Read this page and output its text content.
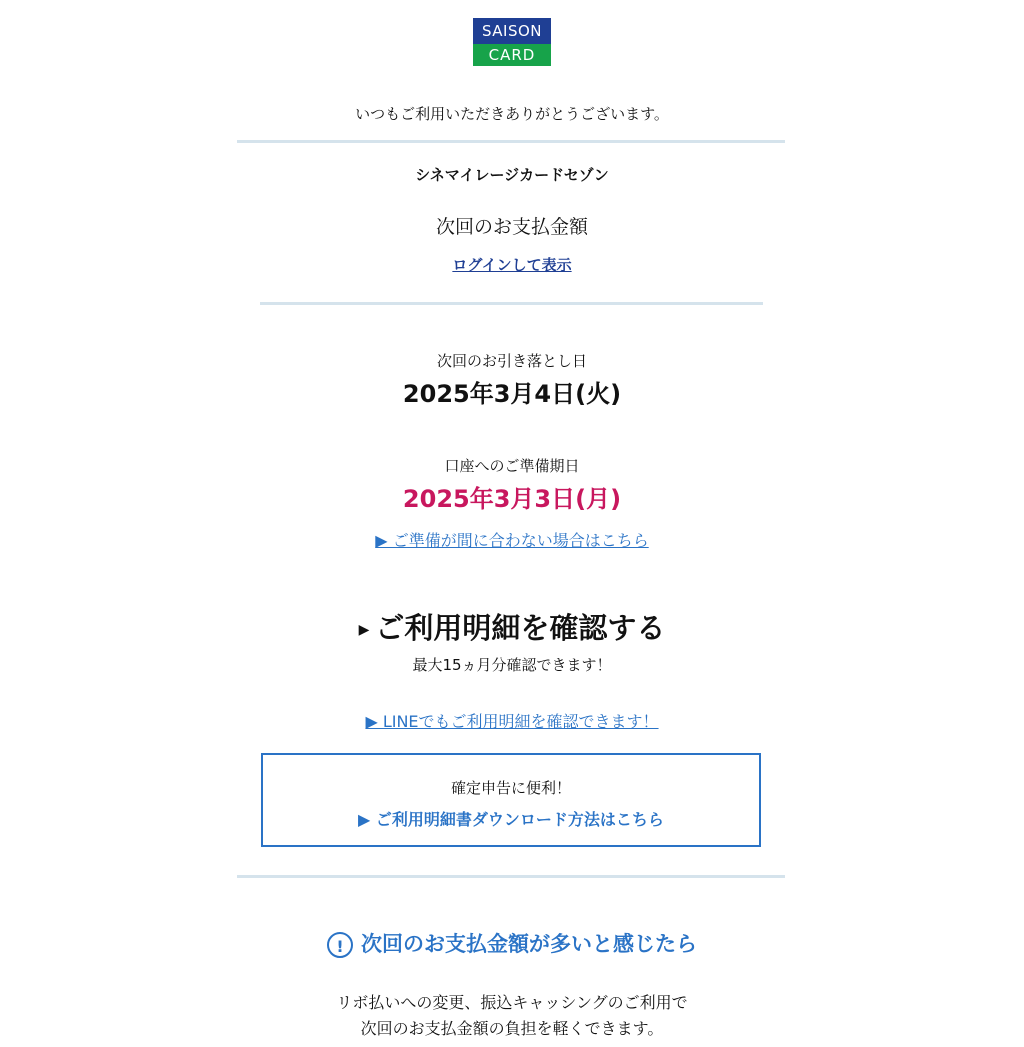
SAISON
CARD
いつもご利用いただきありがとうございます。
シネマイレージカードセゾン
次回のお支払金額
ログインして表示
次回のお引き落とし日
2025年3月4日(火)
口座へのご準備期日
2025年3月3日(月)
▶ ご準備が間に合わない場合はこちら
▶ ご利用明細を確認する
最大15ヵ月分確認できます！
▶ LINEでもご利用明細を確認できます！
確定申告に便利！
▶ ご利用明細書ダウンロード方法はこちら
! 次回のお支払金額が多いと感じたら
リボ払いへの変更、振込キャッシングのご利用で
次回のお支払金額の負担を軽くできます。
